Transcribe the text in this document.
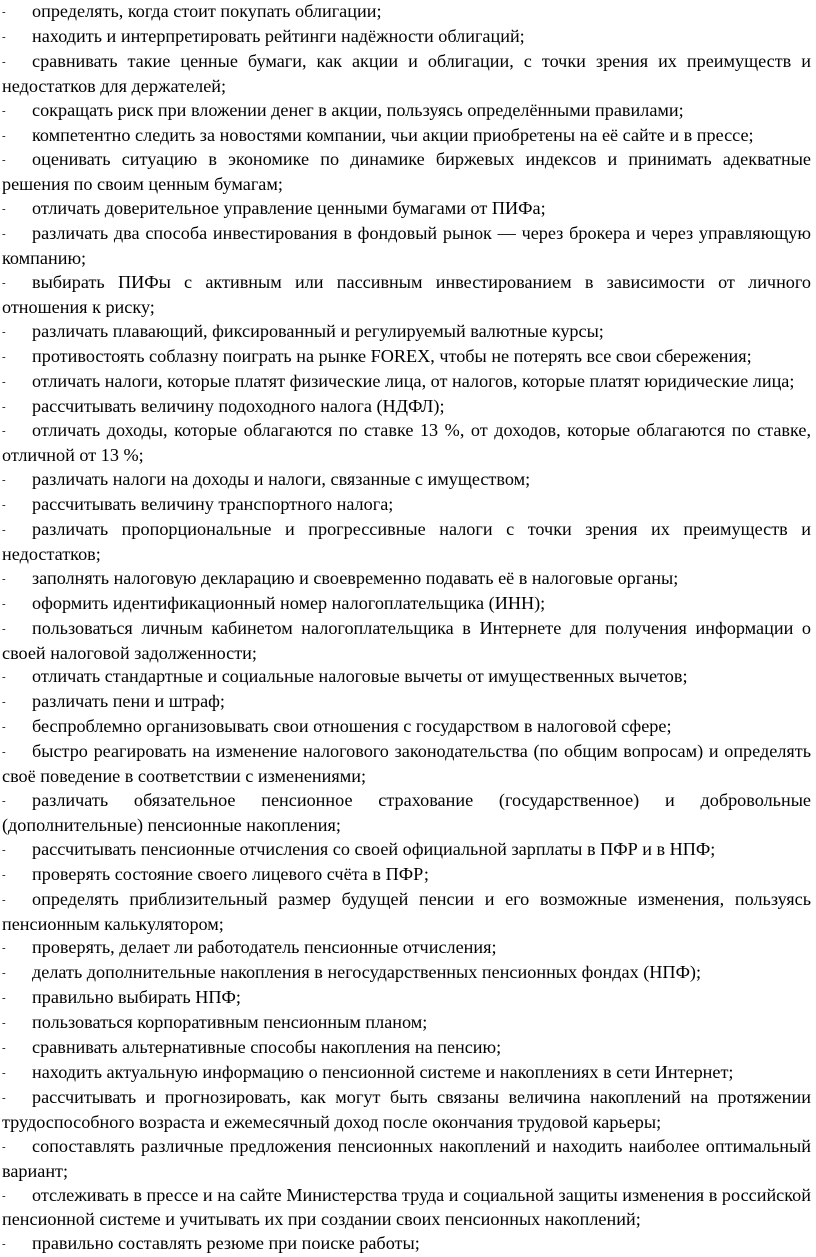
- определять, когда стоит покупать облигации;
- находить и интерпретировать рейтинги надёжности облигаций;
- сравнивать такие ценные бумаги, как акции и облигации, с точки зрения их преимуществ и недостатков для держателей;
- сокращать риск при вложении денег в акции, пользуясь определёнными правилами;
- компетентно следить за новостями компании, чьи акции приобретены на её сайте и в прессе;
- оценивать ситуацию в экономике по динамике биржевых индексов и принимать адекватные решения по своим ценным бумагам;
- отличать доверительное управление ценными бумагами от ПИФа;
- различать два способа инвестирования в фондовый рынок — через брокера и через управляющую компанию;
- выбирать ПИФы с активным или пассивным инвестированием в зависимости от личного отношения к риску;
- различать плавающий, фиксированный и регулируемый валютные курсы;
- противостоять соблазну поиграть на рынке FOREX, чтобы не потерять все свои сбережения;
- отличать налоги, которые платят физические лица, от налогов, которые платят юридические лица;
- рассчитывать величину подоходного налога (НДФЛ);
- отличать доходы, которые облагаются по ставке 13 %, от доходов, которые облагаются по ставке, отличной от 13 %;
- различать налоги на доходы и налоги, связанные с имуществом;
- рассчитывать величину транспортного налога;
- различать пропорциональные и прогрессивные налоги с точки зрения их преимуществ и недостатков;
- заполнять налоговую декларацию и своевременно подавать её в налоговые органы;
- оформить идентификационный номер налогоплательщика (ИНН);
- пользоваться личным кабинетом налогоплательщика в Интернете для получения информации о своей налоговой задолженности;
- отличать стандартные и социальные налоговые вычеты от имущественных вычетов;
- различать пени и штраф;
- беспроблемно организовывать свои отношения с государством в налоговой сфере;
- быстро реагировать на изменение налогового законодательства (по общим вопросам) и определять своё поведение в соответствии с изменениями;
- различать обязательное пенсионное страхование (государственное) и добровольные (дополнительные) пенсионные накопления;
- рассчитывать пенсионные отчисления со своей официальной зарплаты в ПФР и в НПФ;
- проверять состояние своего лицевого счёта в ПФР;
- определять приблизительный размер будущей пенсии и его возможные изменения, пользуясь пенсионным калькулятором;
- проверять, делает ли работодатель пенсионные отчисления;
- делать дополнительные накопления в негосударственных пенсионных фондах (НПФ);
- правильно выбирать НПФ;
- пользоваться корпоративным пенсионным планом;
- сравнивать альтернативные способы накопления на пенсию;
- находить актуальную информацию о пенсионной системе и накоплениях в сети Интернет;
- рассчитывать и прогнозировать, как могут быть связаны величина накоплений на протяжении трудоспособного возраста и ежемесячный доход после окончания трудовой карьеры;
- сопоставлять различные предложения пенсионных накоплений и находить наиболее оптимальный вариант;
- отслеживать в прессе и на сайте Министерства труда и социальной защиты изменения в российской пенсионной системе и учитывать их при создании своих пенсионных накоплений;
- правильно составлять резюме при поиске работы;
